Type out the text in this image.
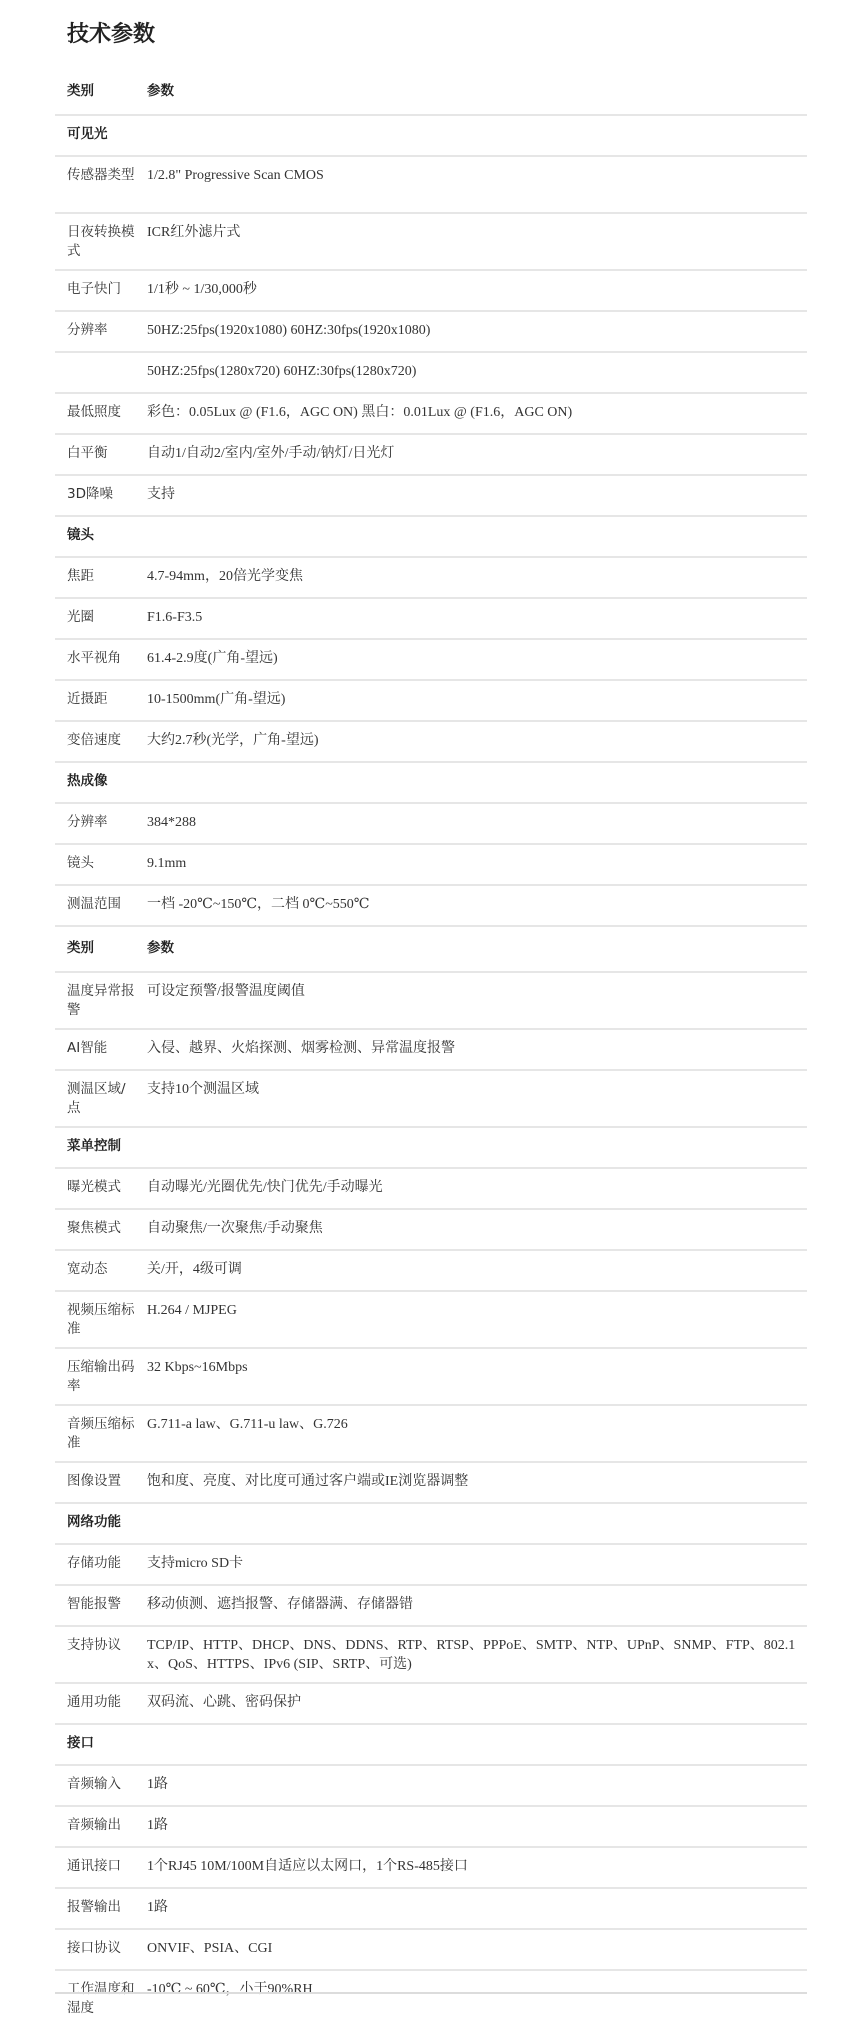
技术参数
类别	参数
可见光	
传感器类型	1/2.8" Progressive Scan CMOS
日夜转换模式	ICR红外滤片式
电子快门	1/1秒 ~ 1/30,000秒
分辨率	50HZ:25fps(1920x1080) 60HZ:30fps(1920x1080)
	50HZ:25fps(1280x720) 60HZ:30fps(1280x720)
最低照度	彩色：0.05Lux @ (F1.6，AGC ON) 黑白：0.01Lux @ (F1.6，AGC ON)
白平衡	自动1/自动2/室内/室外/手动/钠灯/日光灯
3D降噪	支持
镜头	
焦距	4.7-94mm，20倍光学变焦
光圈	F1.6-F3.5
水平视角	61.4-2.9度(广角-望远)
近摄距	10-1500mm(广角-望远)
变倍速度	大约2.7秒(光学，广角-望远)
热成像	
分辨率	384*288
镜头	9.1mm
测温范围	一档 -20℃~150℃，二档 0℃~550℃
类别	参数
温度异常报警	可设定预警/报警温度阈值
AI智能	入侵、越界、火焰探测、烟雾检测、异常温度报警
测温区域/点	支持10个测温区域
菜单控制	
曝光模式	自动曝光/光圈优先/快门优先/手动曝光
聚焦模式	自动聚焦/一次聚焦/手动聚焦
宽动态	关/开，4级可调
视频压缩标准	H.264 / MJPEG
压缩输出码率	32 Kbps~16Mbps
音频压缩标准	G.711-a law、G.711-u law、G.726
图像设置	饱和度、亮度、对比度可通过客户端或IE浏览器调整
网络功能	
存储功能	支持micro SD卡
智能报警	移动侦测、遮挡报警、存储器满、存储器错
支持协议	TCP/IP、HTTP、DHCP、DNS、DDNS、RTP、RTSP、PPPoE、SMTP、NTP、UPnP、SNMP、FTP、802.1x、QoS、HTTPS、IPv6 (SIP、SRTP、可选)
通用功能	双码流、心跳、密码保护
接口	
音频输入	1路
音频输出	1路
通讯接口	1个RJ45 10M/100M自适应以太网口，1个RS-485接口
报警输出	1路
接口协议	ONVIF、PSIA、CGI
工作温度和湿度	-10℃ ~ 60℃，小于90%RH
